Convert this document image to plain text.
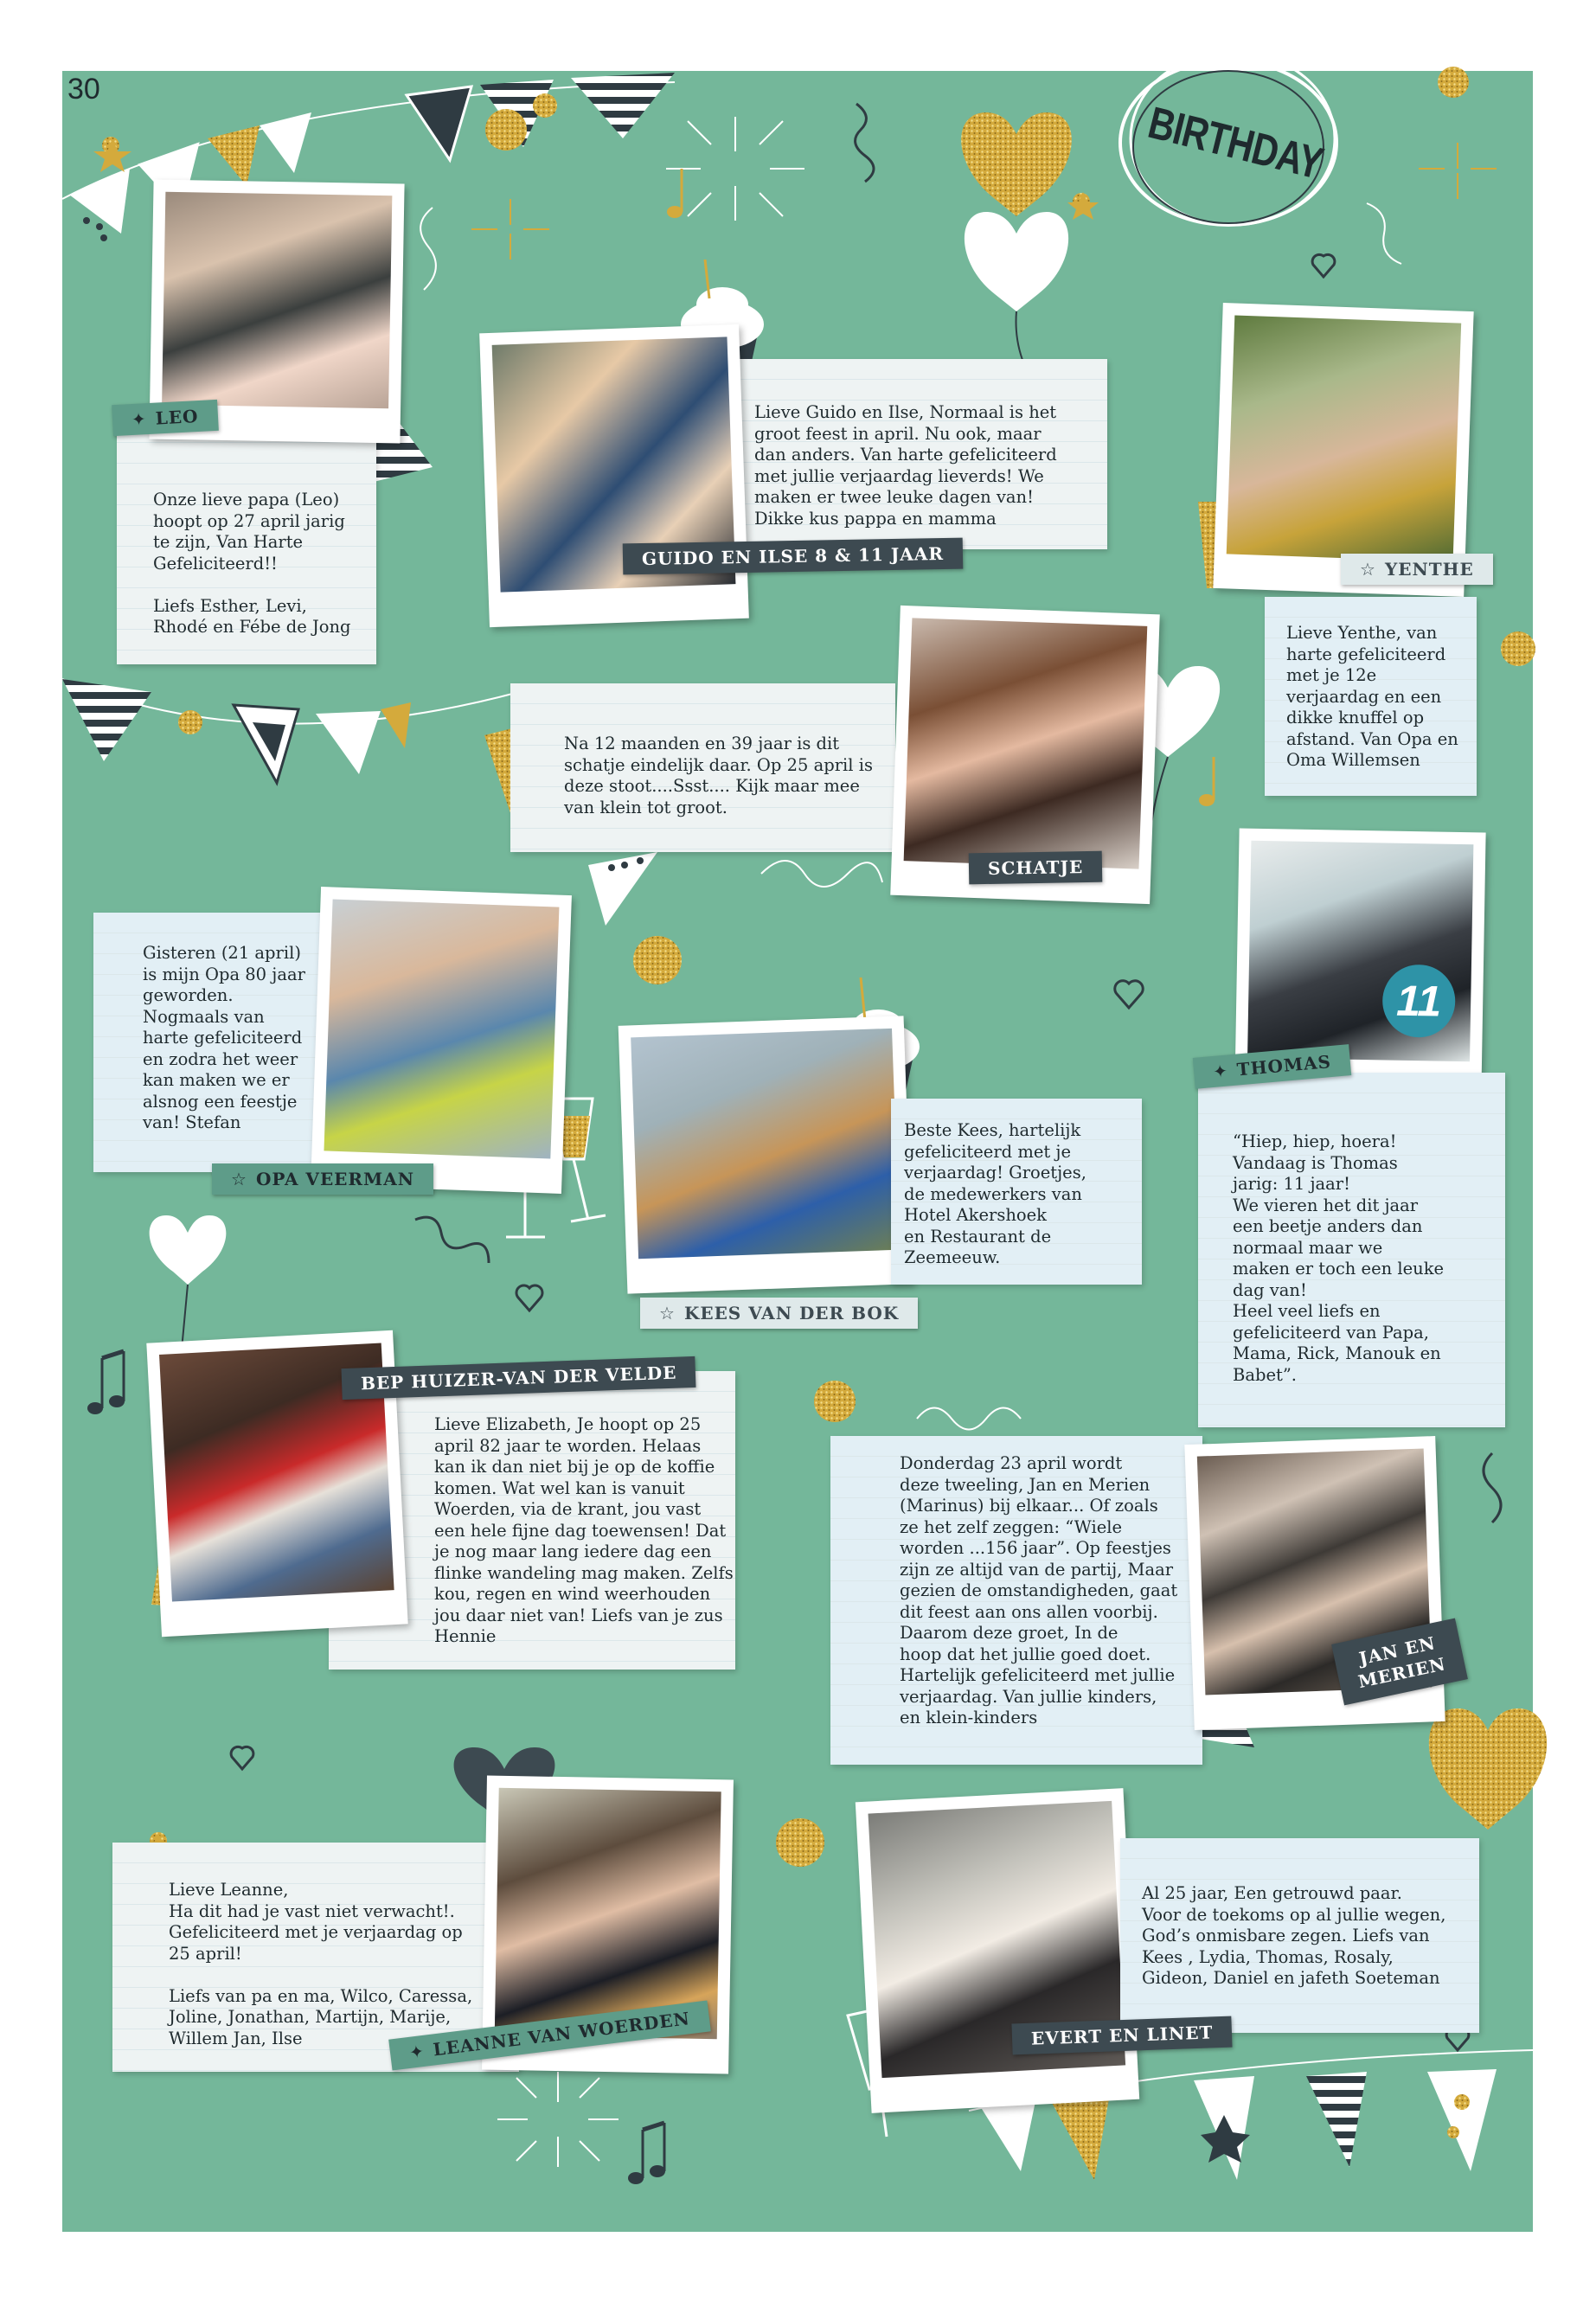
30
BIRTHDAY
Onze lieve papa (Leo)
hoopt op 27 april jarig
te zijn, Van Harte
Gefeliciteerd!!

Liefs Esther, Levi,
Rhodé en Fébe de Jong
✦ LEO	Lieve Guido en Ilse, Normaal is het
groot feest in april. Nu ook, maar
dan anders. Van harte gefeliciteerd
met jullie verjaardag lieverds! We
maken er twee leuke dagen van!
Dikke kus pappa en mamma
GUIDO EN ILSE 8 & 11 JAAR
Lieve Yenthe, van
harte gefeliciteerd
met je 12e
verjaardag en een
dikke knuffel op
afstand. Van Opa en
Oma Willemsen
☆ YENTHE
Na 12 maanden en 39 jaar is dit
schatje eindelijk daar. Op 25 april is
deze stoot....Ssst.... Kijk maar mee
van klein tot groot.
SCHATJE
Gisteren (21 april)
is mijn Opa 80 jaar
geworden.
Nogmaals van
harte gefeliciteerd
en zodra het weer
kan maken we er
alsnog een feestje
van! Stefan
☆ OPA VEERMAN
Beste Kees, hartelijk
gefeliciteerd met je
verjaardag! Groetjes,
de medewerkers van
Hotel Akershoek
en Restaurant de
Zeemeeuw.
☆ KEES VAN DER BOK
11
“Hiep, hiep, hoera!
Vandaag is Thomas
jarig: 11 jaar!
We vieren het dit jaar
een beetje anders dan
normaal maar we
maken er toch een leuke
dag van!
Heel veel liefs en
gefeliciteerd van Papa,
Mama, Rick, Manouk en
Babet”.
✦ THOMAS
Lieve Elizabeth, Je hoopt op 25
april 82 jaar te worden. Helaas
kan ik dan niet bij je op de koffie
komen. Wat wel kan is vanuit
Woerden, via de krant, jou vast
een hele fijne dag toewensen! Dat
je nog maar lang iedere dag een
flinke wandeling mag maken. Zelfs
kou, regen en wind weerhouden
jou daar niet van! Liefs van je zus
Hennie
BEP HUIZER-VAN DER VELDE
Donderdag 23 april wordt
deze tweeling, Jan en Merien
(Marinus) bij elkaar... Of zoals
ze het zelf zeggen: “Wiele
worden ...156 jaar”. Op feestjes
zijn ze altijd van de partij, Maar
gezien de omstandigheden, gaat
dit feest aan ons allen voorbij.
Daarom deze groet, In de
hoop dat het jullie goed doet.
Hartelijk gefeliciteerd met jullie
verjaardag. Van jullie kinders,
en klein-kinders
JAN EN MERIEN
Lieve Leanne,
Ha dit had je vast niet verwacht!.
Gefeliciteerd met je verjaardag op
25 april!

Liefs van pa en ma, Wilco, Caressa,
Joline, Jonathan, Martijn, Marije,
Willem Jan, Ilse
✦ LEANNE VAN WOERDEN
Al 25 jaar, Een getrouwd paar.
Voor de toekoms op al jullie wegen,
God’s onmisbare zegen. Liefs van
Kees , Lydia, Thomas, Rosaly,
Gideon, Daniel en jafeth Soeteman
EVERT EN LINET
